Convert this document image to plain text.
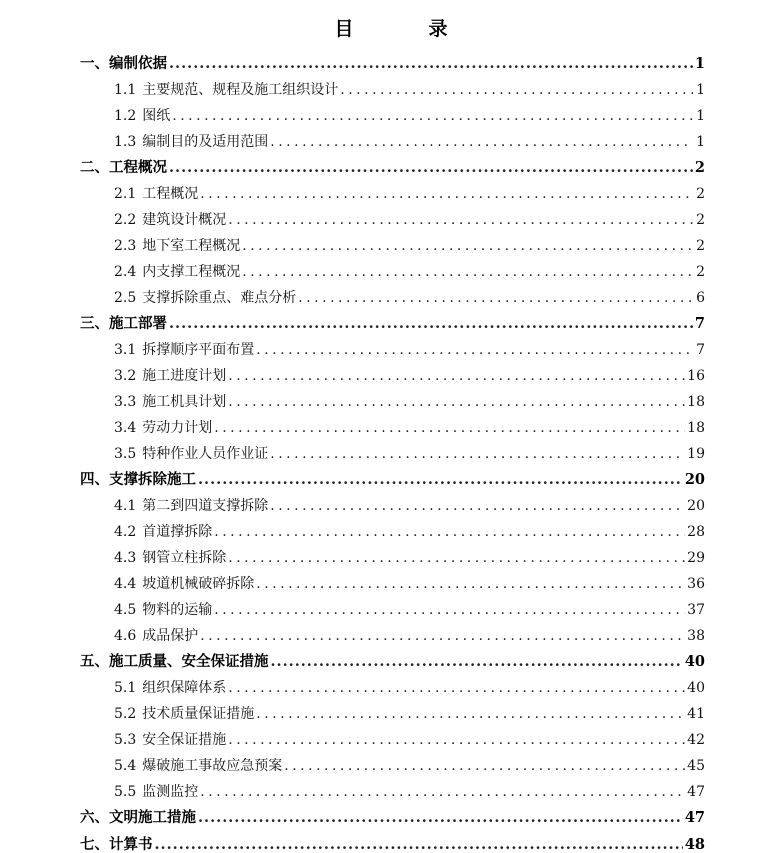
目　录
一、编制依据 .....	1
1.1 主要规范、规程及施工组织设计 .....	1
1.2 图纸 .....	1
1.3 编制目的及适用范围 .....	1
二、工程概况 .....	2
2.1 工程概况 .....	2
2.2 建筑设计概况 .....	2
2.3 地下室工程概况 .....	2
2.4 内支撑工程概况 .....	2
2.5 支撑拆除重点、难点分析 .....	6
三、施工部署 .....	7
3.1 拆撑顺序平面布置 .....	7
3.2 施工进度计划 .....	16
3.3 施工机具计划 .....	18
3.4 劳动力计划 .....	18
3.5 特种作业人员作业证 .....	19
四、支撑拆除施工 .....	20
4.1 第二到四道支撑拆除 .....	20
4.2 首道撑拆除 .....	28
4.3 钢管立柱拆除 .....	29
4.4 坡道机械破碎拆除 .....	36
4.5 物料的运输 .....	37
4.6 成品保护 .....	38
五、施工质量、安全保证措施 .....	40
5.1 组织保障体系 .....	40
5.2 技术质量保证措施 .....	41
5.3 安全保证措施 .....	42
5.4 爆破施工事故应急预案 .....	45
5.5 监测监控 .....	47
六、文明施工措施 .....	47
七、计算书 .....	48
